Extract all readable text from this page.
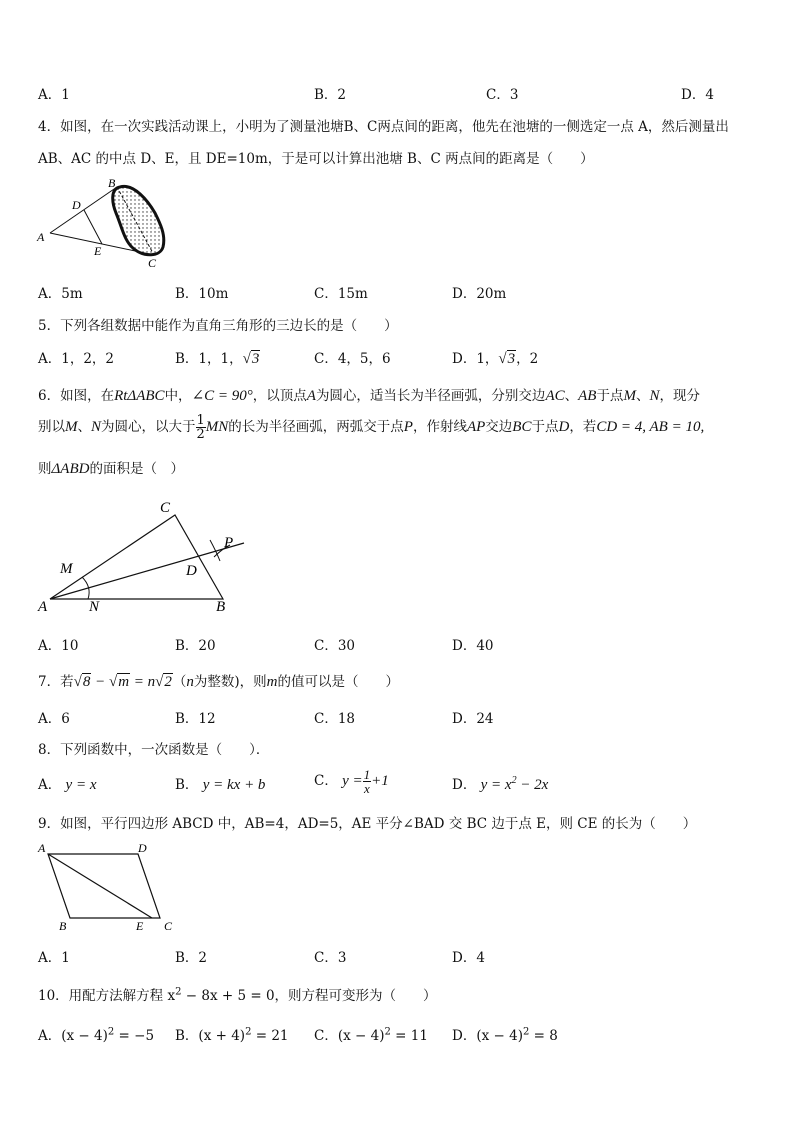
A．1	B．2	C．3	D．4
4．如图，在一次实践活动课上，小明为了测量池塘B、C两点间的距离，他先在池塘的一侧选定一点 A，然后测量出
AB、AC 的中点 D、E，且 DE=10m，于是可以计算出池塘 B、C 两点间的距离是（　　）
B
D
A
E
C
A．5m	B．10m	C．15m	D．20m
5．下列各组数据中能作为直角三角形的三边长的是（　　）
A．1，2，2	B．1，1，√3	C．4，5，6	D．1，√3，2
6．如图，在RtΔABC中，∠C = 90°，以顶点A为圆心，适当长为半径画弧，分别交边AC、AB于点M、N，现分
别以M、N为圆心，以大于 $\frac{1}{2}$ MN的长为半径画弧，两弧交于点P，作射线AP交边BC于点D，若CD = 4, AB = 10,
则ΔABD的面积是（　）
C
P
M	D
A	N	B
A．10	B．20	C．30	D．40
7．若√8 − √m = n√2（n为整数)，则m的值可以是（　　）
A．6	B．12	C．18	D．24
8．下列函数中，一次函数是（　　）．
A． y = x	B． y = kx + b	C． $y = \frac{1}{x} +1$	D． $y = x^2 - 2x$
9．如图，平行四边形 ABCD 中，AB=4，AD=5，AE 平分∠BAD 交 BC 边于点 E，则 CE 的长为（　　）
A	D
B	E C
A．1	B．2	C．3	D．4
10．用配方法解方程 $x^2 - 8x + 5 = 0$，则方程可变形为（　　）
A．$(x - 4)^2 = -5$ B．$(x + 4)^2 = 21$ C．$(x - 4)^2 = 11$ D．$(x - 4)^2 = 8$
